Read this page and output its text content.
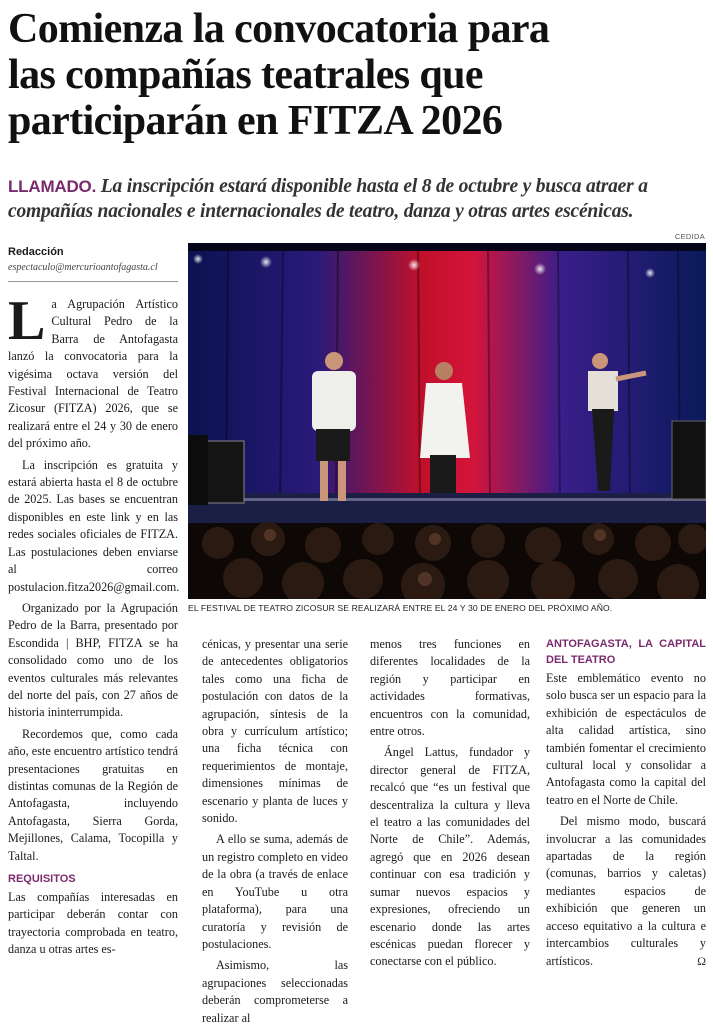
Comienza la convocatoria para
las compañías teatrales que
participarán en FITZA 2026
LLAMADO. La inscripción estará disponible hasta el 8 de octubre y busca atraer a compañías nacionales e internacionales de teatro, danza y otras artes escénicas.
CEDIDA
Redacción
espectaculo@mercurioantofagasta.cl

La Agrupación Artístico Cultural Pedro de la Barra de Antofagasta lanzó la convocatoria para la vigésima octava versión del Festival Internacional de Teatro Zicosur (FITZA) 2026, que se realizará entre el 24 y 30 de enero del próximo año.

La inscripción es gratuita y estará abierta hasta el 8 de octubre de 2025. Las bases se encuentran disponibles en este link y en las redes sociales oficiales de FITZA. Las postulaciones deben enviarse al correo postulacion.fitza2026@gmail.com.

Organizado por la Agrupación Pedro de la Barra, presentado por Escondida | BHP, FITZA se ha consolidado como uno de los eventos culturales más relevantes del norte del país, con 27 años de historia ininterrumpida.

Recordemos que, como cada año, este encuentro artístico tendrá presentaciones gratuitas en distintas comunas de la Región de Antofagasta, incluyendo Antofagasta, Sierra Gorda, Mejillones, Calama, Tocopilla y Taltal.

REQUISITOS

Las compañías interesadas en participar deberán contar con trayectoria comprobada en teatro, danza u otras artes es-

EL FESTIVAL DE TEATRO ZICOSUR SE REALIZARÁ ENTRE EL 24 Y 30 DE ENERO DEL PRÓXIMO AÑO.

cénicas, y presentar una serie de antecedentes obligatorios tales como una ficha de postulación con datos de la agrupación, síntesis de la obra y currículum artístico; una ficha técnica con requerimientos de montaje, dimensiones mínimas de escenario y planta de luces y sonido.

A ello se suma, además de un registro completo en video de la obra (a través de enlace en YouTube u otra plataforma), para una curatoría y revisión de postulaciones.

Asimismo, las agrupaciones seleccionadas deberán comprometerse a realizar al

menos tres funciones en diferentes localidades de la región y participar en actividades formativas, encuentros con la comunidad, entre otros.

Ángel Lattus, fundador y director general de FITZA, recalcó que “es un festival que descentraliza la cultura y lleva el teatro a las comunidades del Norte de Chile”. Además, agregó que en 2026 desean continuar con esa tradición y sumar nuevos espacios y expresiones, ofreciendo un escenario donde las artes escénicas puedan florecer y conectarse con el público.

ANTOFAGASTA, LA CAPITAL DEL TEATRO

Este emblemático evento no solo busca ser un espacio para la exhibición de espectáculos de alta calidad artística, sino también fomentar el crecimiento cultural local y consolidar a Antofagasta como la capital del teatro en el Norte de Chile.

Del mismo modo, buscará involucrar a las comunidades apartadas de la región (comunas, barrios y caletas) mediantes espacios de exhibición que generen un acceso equitativo a la cultura e intercambios culturales y artísticos.	Ω
